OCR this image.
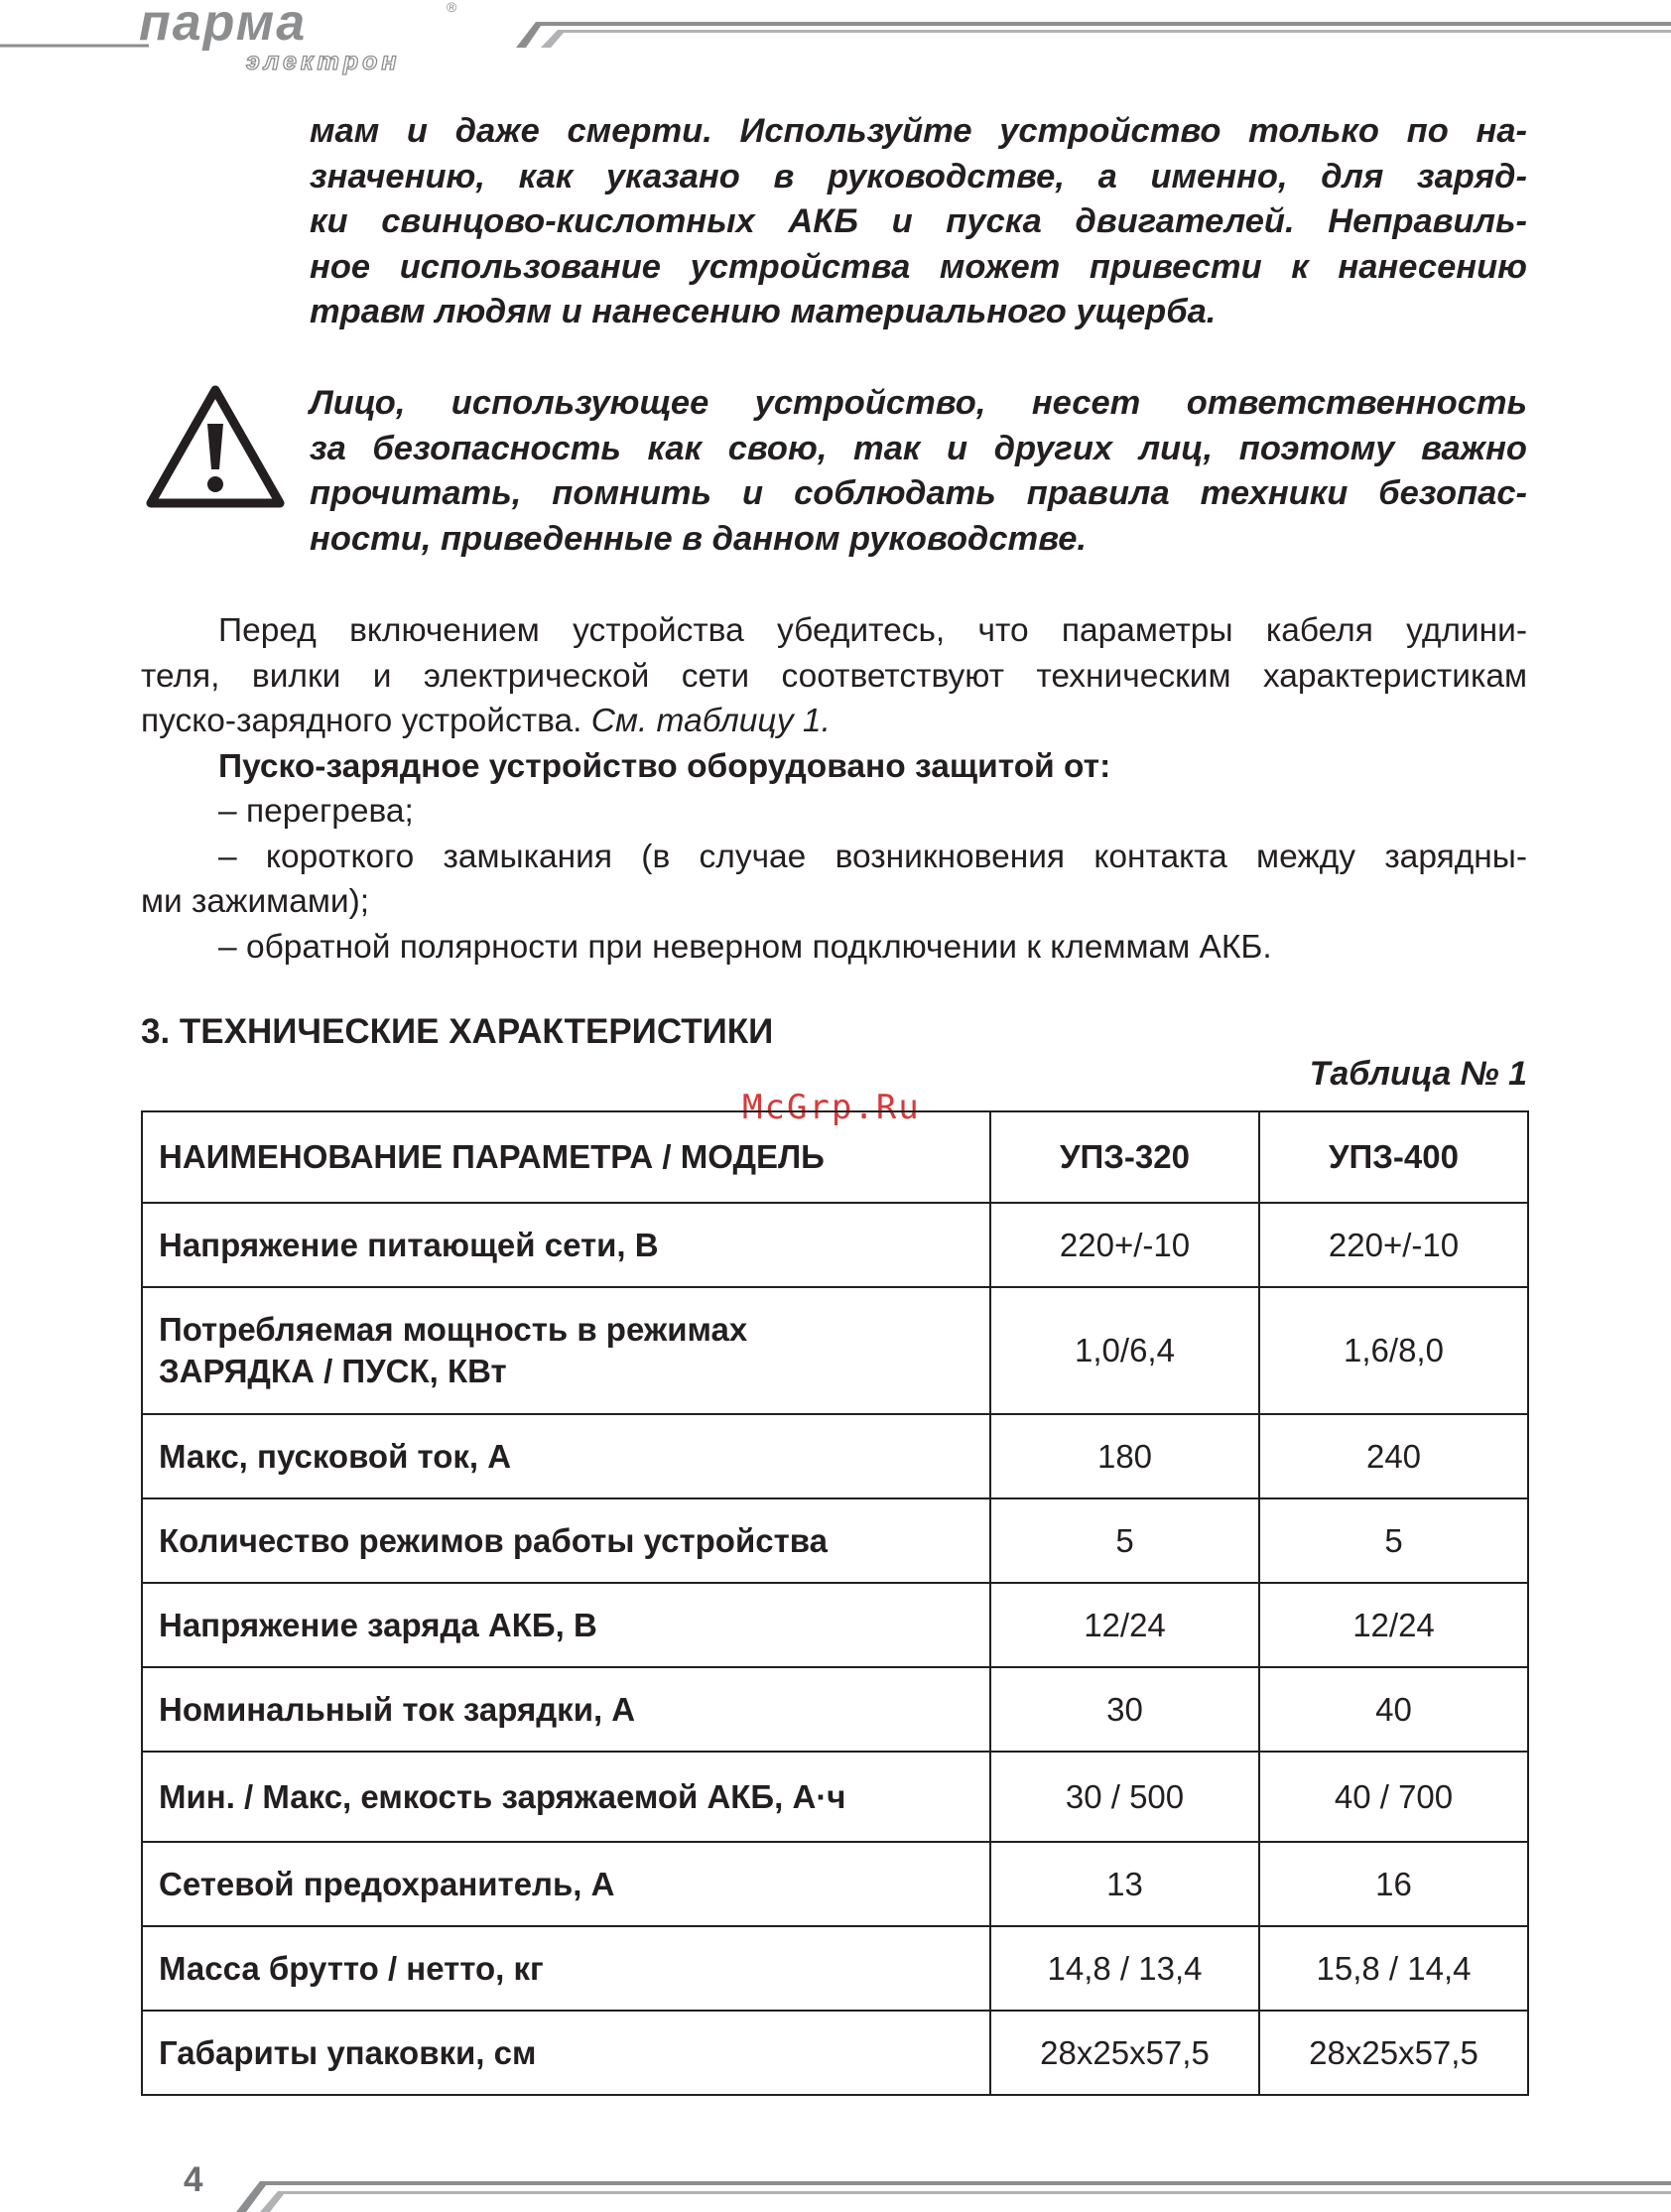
парма	®
электрон

мам и даже смерти. Используйте устройство только по на-

значению, как указано в руководстве, а именно, для заряд-

ки свинцово-кислотных АКБ и пуска двигателей. Неправиль-

ное использование устройства может привести к нанесению

травм людям и нанесению материального ущерба.

Лицо, использующее устройство, несет ответственность

за безопасность как свою, так и других лиц, поэтому важно

прочитать, помнить и соблюдать правила техники безопас-

ности, приведенные в данном руководстве.

Перед включением устройства убедитесь, что параметры кабеля удлини-

теля, вилки и электрической сети соответствуют техническим характеристикам

пуско-зарядного устройства. См. таблицу 1.

Пуско-зарядное устройство оборудовано защитой от:

– перегрева;

– короткого замыкания (в случае возникновения контакта между зарядны-

ми зажимами);

– обратной полярности при неверном подключении к клеммам АКБ.

3. ТЕХНИЧЕСКИЕ ХАРАКТЕРИСТИКИ
Таблица № 1
McGrp.Ru
НАИМЕНОВАНИЕ ПАРАМЕТРА / МОДЕЛЬ	УПЗ-320	УПЗ-400
Напряжение питающей сети, В	220+/-10	220+/-10
Потребляемая мощность в режимах
ЗАРЯДКА / ПУСК, КВт	1,0/6,4	1,6/8,0
Макс, пусковой ток, А	180	240
Количество режимов работы устройства	5	5
Напряжение заряда АКБ, В	12/24	12/24
Номинальный ток зарядки, А	30	40
Мин. / Макс, емкость заряжаемой АКБ, А·ч	30 / 500	40 / 700
Сетевой предохранитель, А	13	16
Масса брутто / нетто, кг	14,8 / 13,4	15,8 / 14,4
Габариты упаковки, см	28x25x57,5	28x25x57,5
4
